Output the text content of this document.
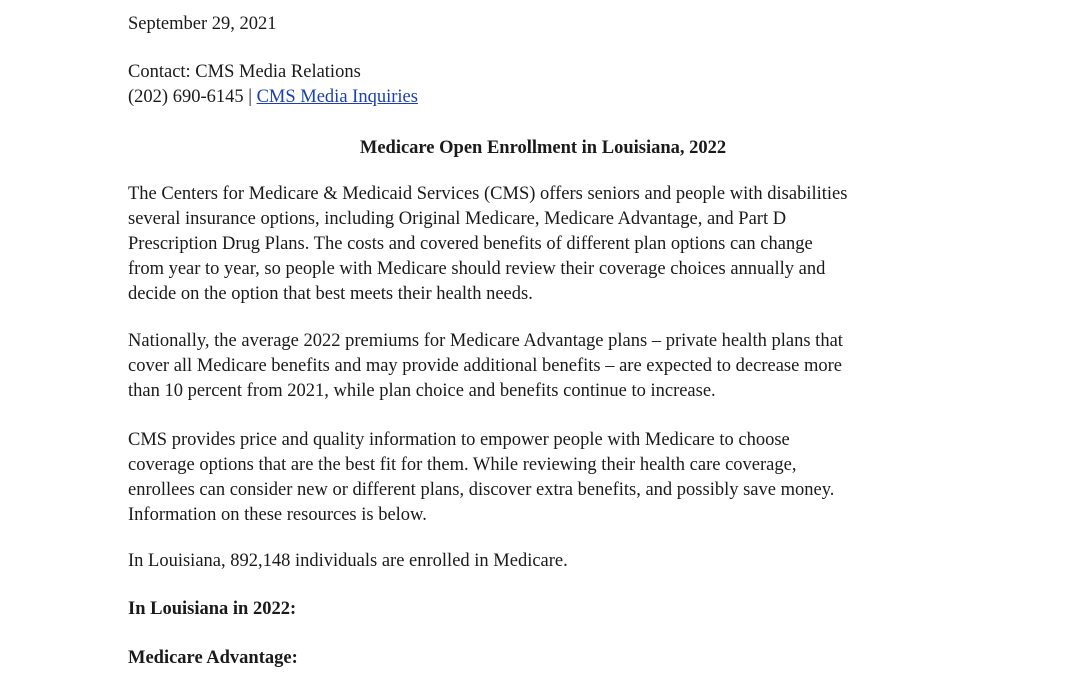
September 29, 2021
Contact: CMS Media Relations
(202) 690-6145 | CMS Media Inquiries
Medicare Open Enrollment in Louisiana, 2022
The Centers for Medicare & Medicaid Services (CMS) offers seniors and people with disabilities
several insurance options, including Original Medicare, Medicare Advantage, and Part D
Prescription Drug Plans. The costs and covered benefits of different plan options can change
from year to year, so people with Medicare should review their coverage choices annually and
decide on the option that best meets their health needs.
Nationally, the average 2022 premiums for Medicare Advantage plans – private health plans that
cover all Medicare benefits and may provide additional benefits – are expected to decrease more
than 10 percent from 2021, while plan choice and benefits continue to increase.
CMS provides price and quality information to empower people with Medicare to choose
coverage options that are the best fit for them. While reviewing their health care coverage,
enrollees can consider new or different plans, discover extra benefits, and possibly save money.
Information on these resources is below.
In Louisiana, 892,148 individuals are enrolled in Medicare.
In Louisiana in 2022:
Medicare Advantage:
